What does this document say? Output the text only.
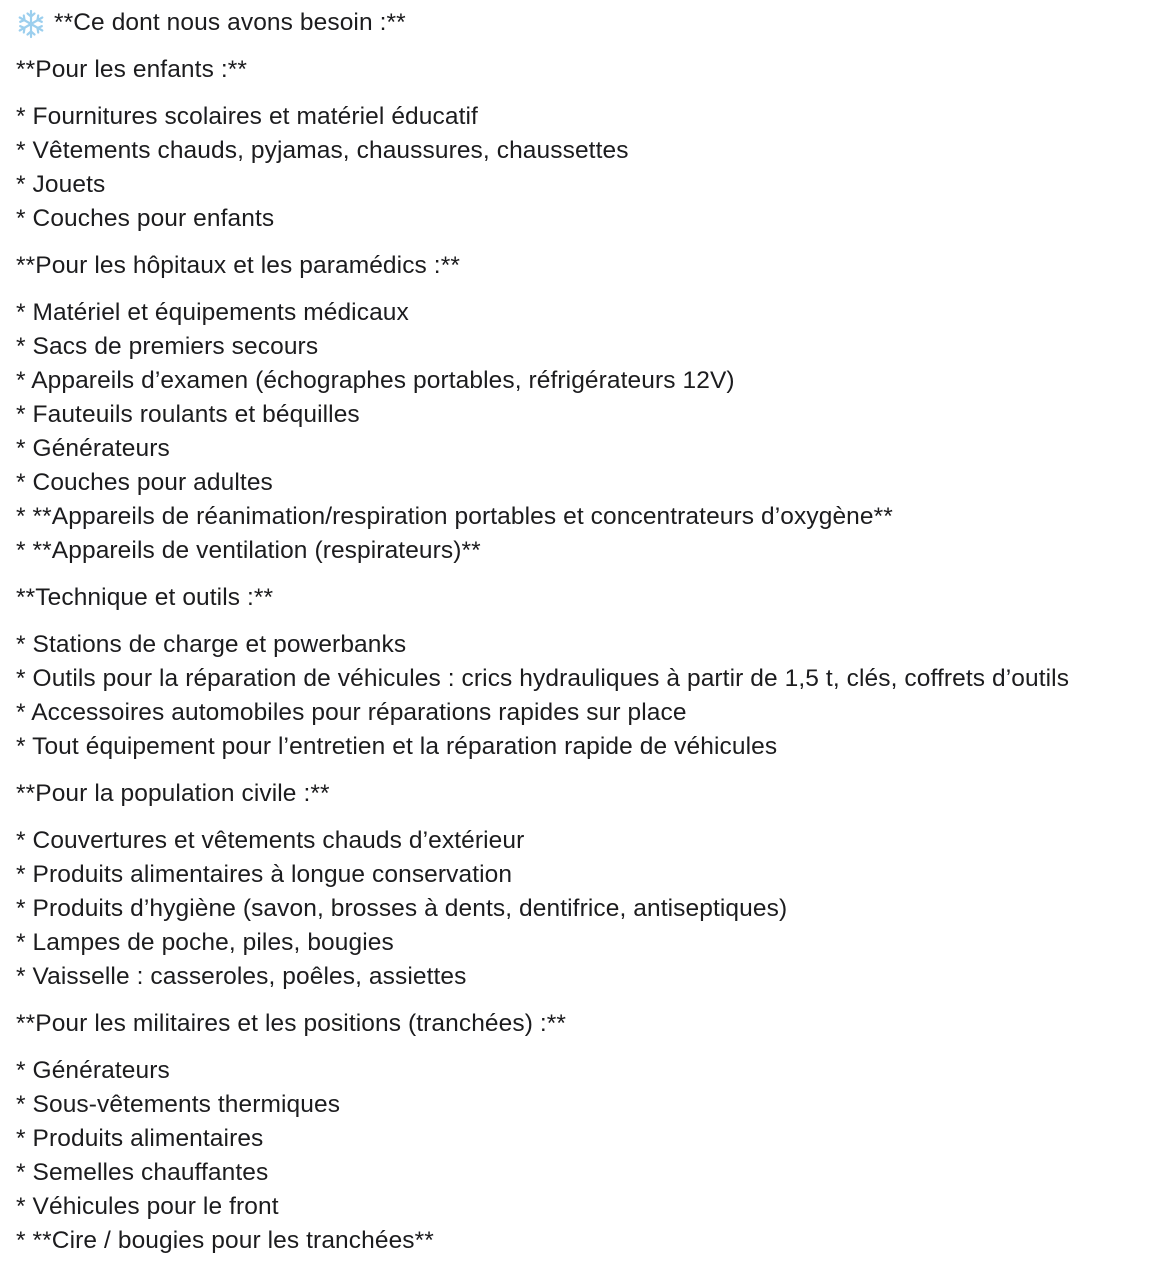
**Ce dont nous avons besoin :**
**Pour les enfants :**
* Fournitures scolaires et matériel éducatif
* Vêtements chauds, pyjamas, chaussures, chaussettes
* Jouets
* Couches pour enfants
**Pour les hôpitaux et les paramédics :**
* Matériel et équipements médicaux
* Sacs de premiers secours
* Appareils d’examen (échographes portables, réfrigérateurs 12V)
* Fauteuils roulants et béquilles
* Générateurs
* Couches pour adultes
* **Appareils de réanimation/respiration portables et concentrateurs d’oxygène**
* **Appareils de ventilation (respirateurs)**
**Technique et outils :**
* Stations de charge et powerbanks
* Outils pour la réparation de véhicules : crics hydrauliques à partir de 1,5 t, clés, coffrets d’outils
* Accessoires automobiles pour réparations rapides sur place
* Tout équipement pour l’entretien et la réparation rapide de véhicules
**Pour la population civile :**
* Couvertures et vêtements chauds d’extérieur
* Produits alimentaires à longue conservation
* Produits d’hygiène (savon, brosses à dents, dentifrice, antiseptiques)
* Lampes de poche, piles, bougies
* Vaisselle : casseroles, poêles, assiettes
**Pour les militaires et les positions (tranchées) :**
* Générateurs
* Sous-vêtements thermiques
* Produits alimentaires
* Semelles chauffantes
* Véhicules pour le front
* **Cire / bougies pour les tranchées**
